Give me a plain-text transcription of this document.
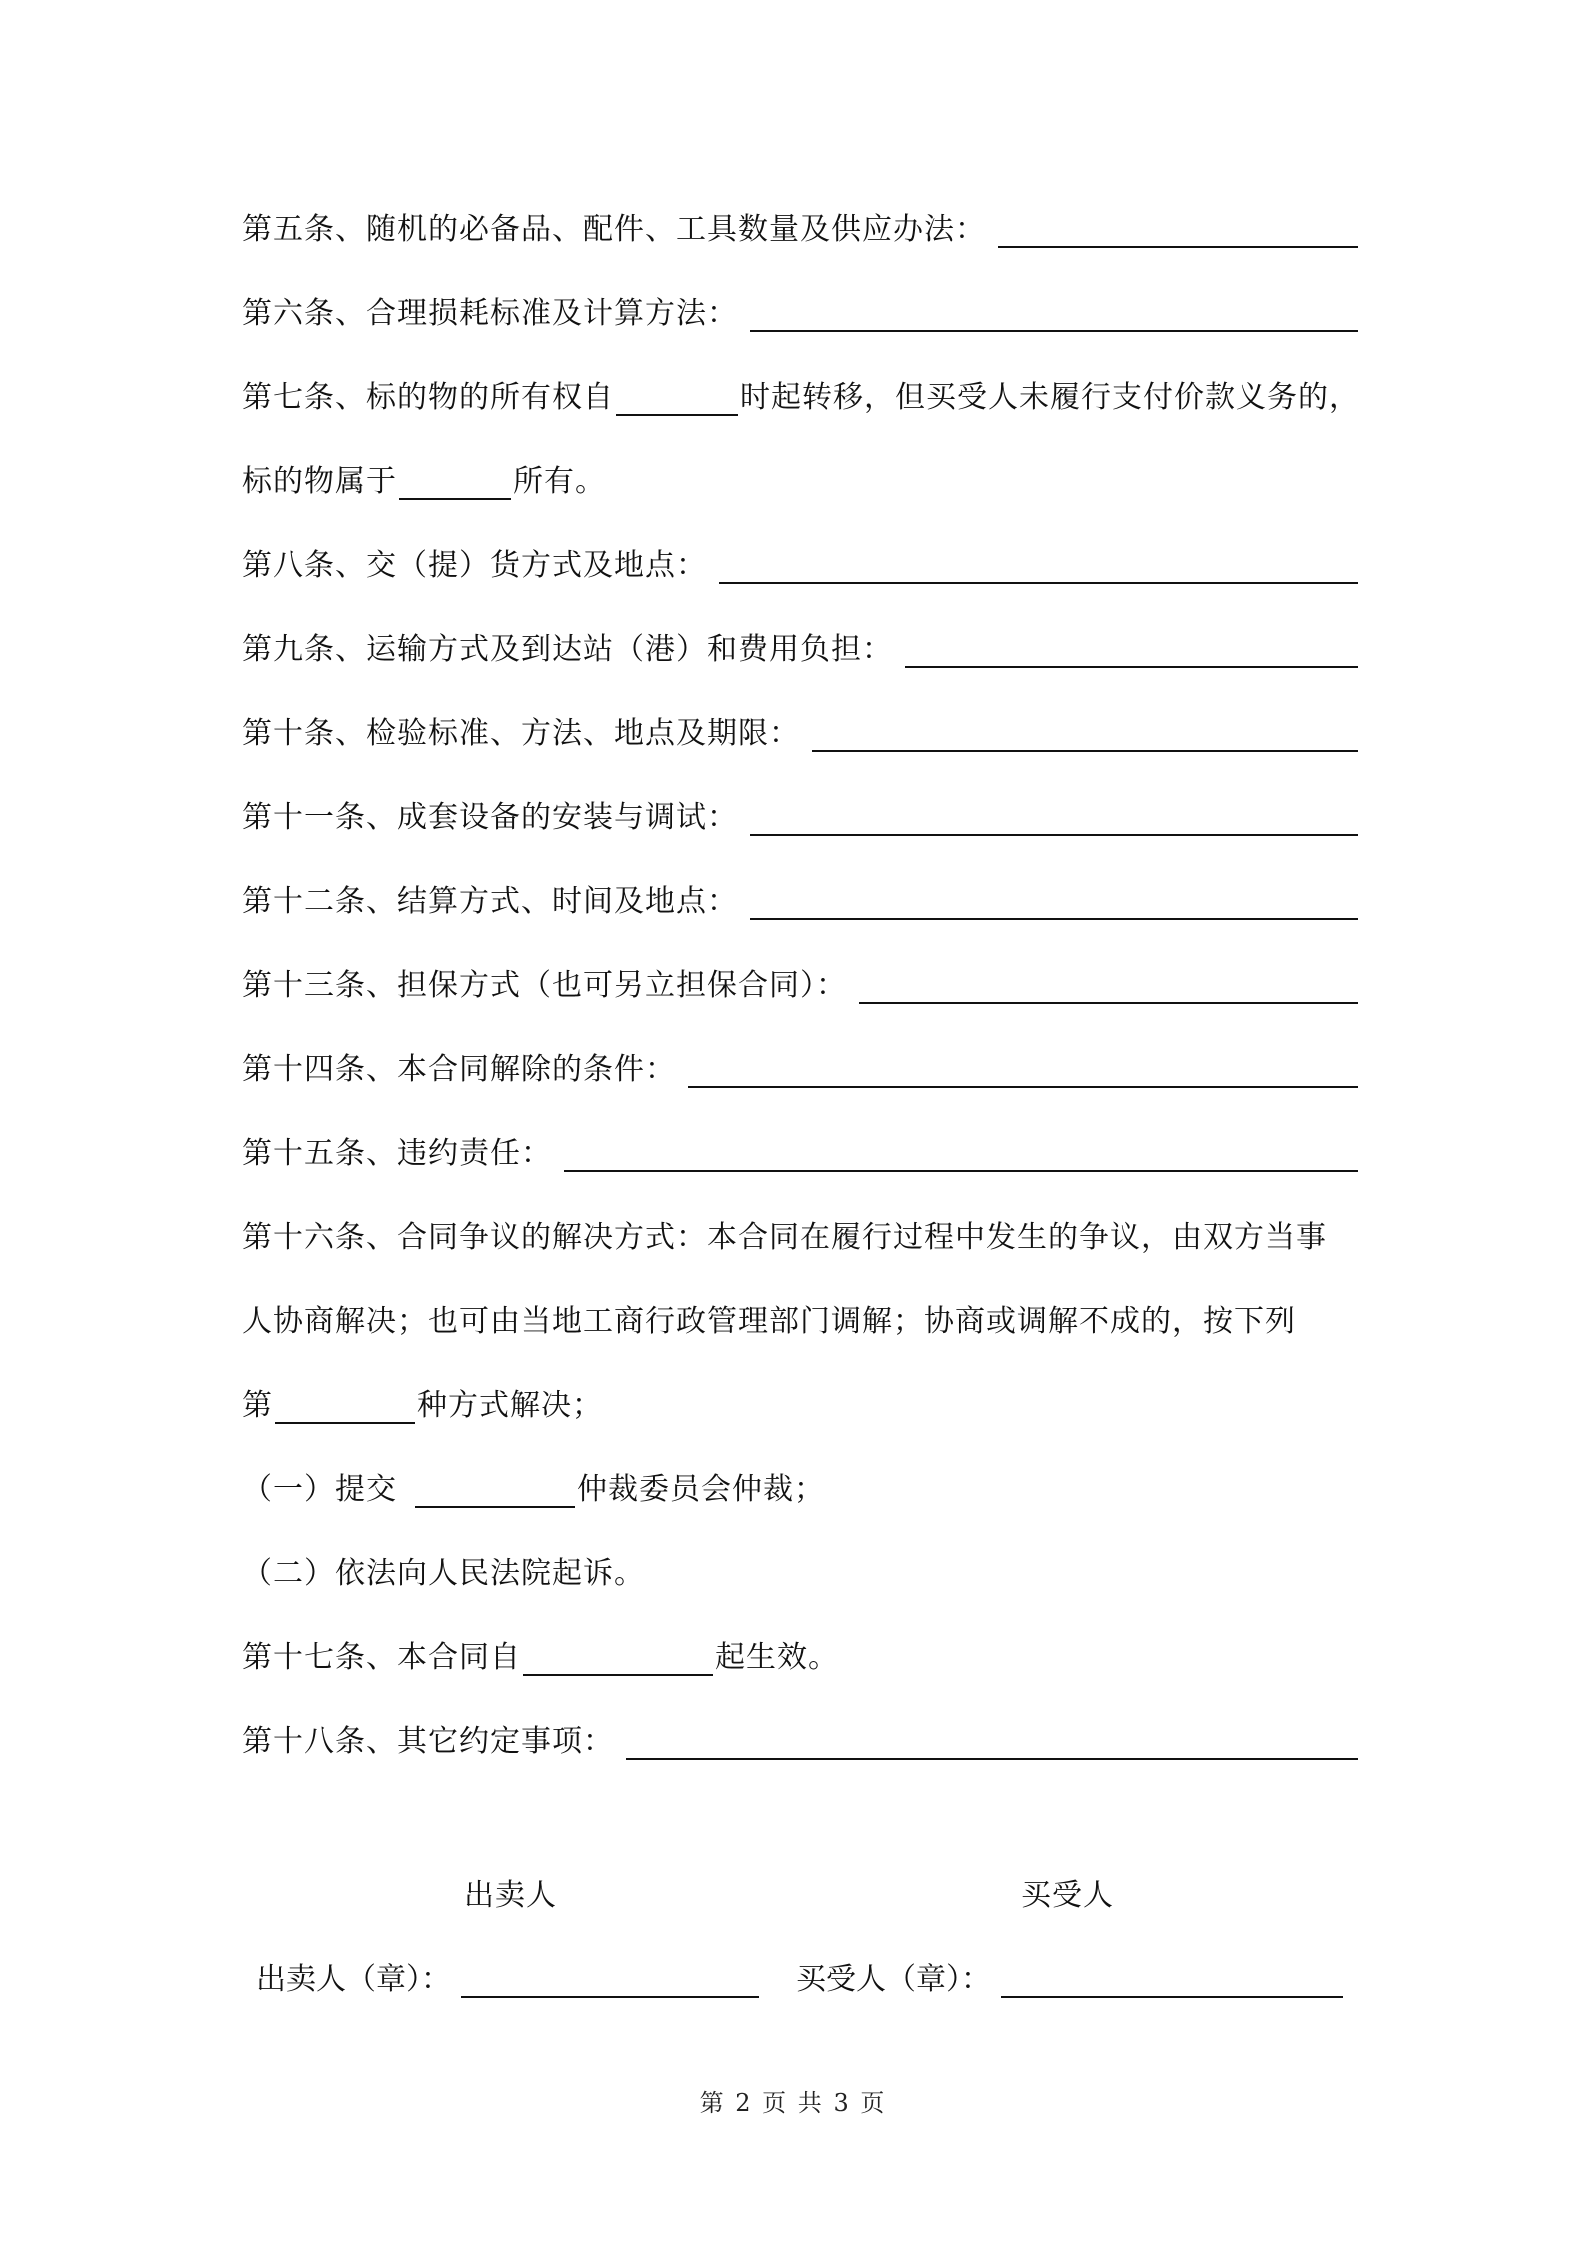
第五条、随机的必备品、配件、工具数量及供应办法：
第六条、合理损耗标准及计算方法：
第七条、标的物的所有权自	时起转移，但买受人未履行支付价款义务的，
标的物属于	所有。
第八条、交（提）货方式及地点：
第九条、运输方式及到达站（港）和费用负担：
第十条、检验标准、方法、地点及期限：
第十一条、成套设备的安装与调试：
第十二条、结算方式、时间及地点：
第十三条、担保方式（也可另立担保合同）：
第十四条、本合同解除的条件：
第十五条、违约责任：
第十六条、合同争议的解决方式：本合同在履行过程中发生的争议，由双方当事
人协商解决；也可由当地工商行政管理部门调解；协商或调解不成的，按下列
第	种方式解决；
（一）提交	仲裁委员会仲裁；
（二）依法向人民法院起诉。
第十七条、本合同自	起生效。
第十八条、其它约定事项：
出卖人	买受人
出卖人（章）：	买受人（章）：
第 2 页 共 3 页
